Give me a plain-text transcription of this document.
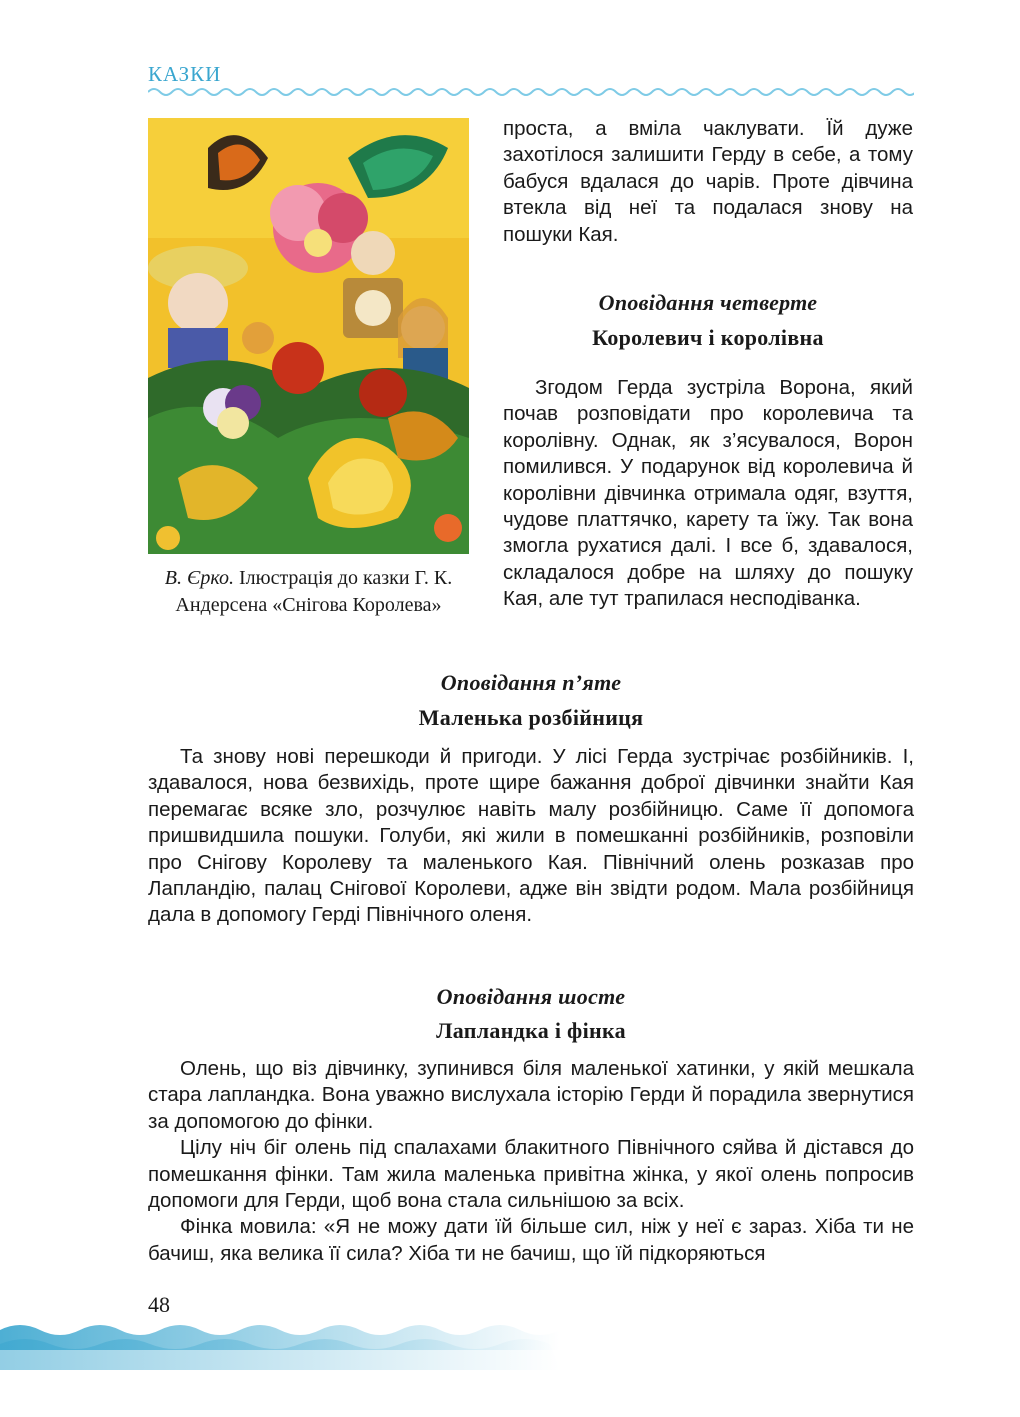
КАЗКИ
В. Єрко. Ілюстрація до казки Г. К. Андерсена «Снігова Королева»

проста, а вміла чаклувати. Їй дуже захотілося залишити Герду в себе, а тому бабуся вдалася до чарів. Проте дівчина втекла від неї та подалася знову на пошуки Кая.

Оповідання четверте

Королевич і королівна

Згодом Герда зустріла Ворона, який почав розповідати про королевича та королівну. Однак, як з’ясувалося, Ворон помилився. У подарунок від королевича й королівни дівчинка отримала одяг, взуття, чудове платтячко, карету та їжу. Так вона змогла рухатися далі. І все б, здавалося, складалося добре на шляху до пошуку Кая, але тут трапилася несподіванка.

Оповідання п’яте

Маленька розбійниця

Та знову нові перешкоди й пригоди. У лісі Герда зустрічає розбійників. І, здавалося, нова безвихідь, проте щире бажання доброї дівчинки знайти Кая перемагає всяке зло, розчулює навіть малу розбійницю. Саме її допомога пришвидшила пошуки. Голуби, які жили в помешканні розбійників, розповіли про Снігову Королеву та маленького Кая. Північний олень розказав про Лапландію, палац Снігової Королеви, адже він звідти родом. Мала розбійниця дала в допомогу Герді Північного оленя.

Оповідання шосте

Лапландка і фінка

Олень, що віз дівчинку, зупинився біля маленької хатинки, у якій мешкала стара лапландка. Вона уважно вислухала історію Герди й порадила звернутися за допомогою до фінки.

Цілу ніч біг олень під спалахами блакитного Північного сяйва й дістався до помешкання фінки. Там жила маленька привітна жінка, у якої олень попросив допомоги для Герди, щоб вона стала сильнішою за всіх.

Фінка мовила: «Я не можу дати їй більше сил, ніж у неї є зараз. Хіба ти не бачиш, яка велика її сила? Хіба ти не бачиш, що їй підкоряються

48
